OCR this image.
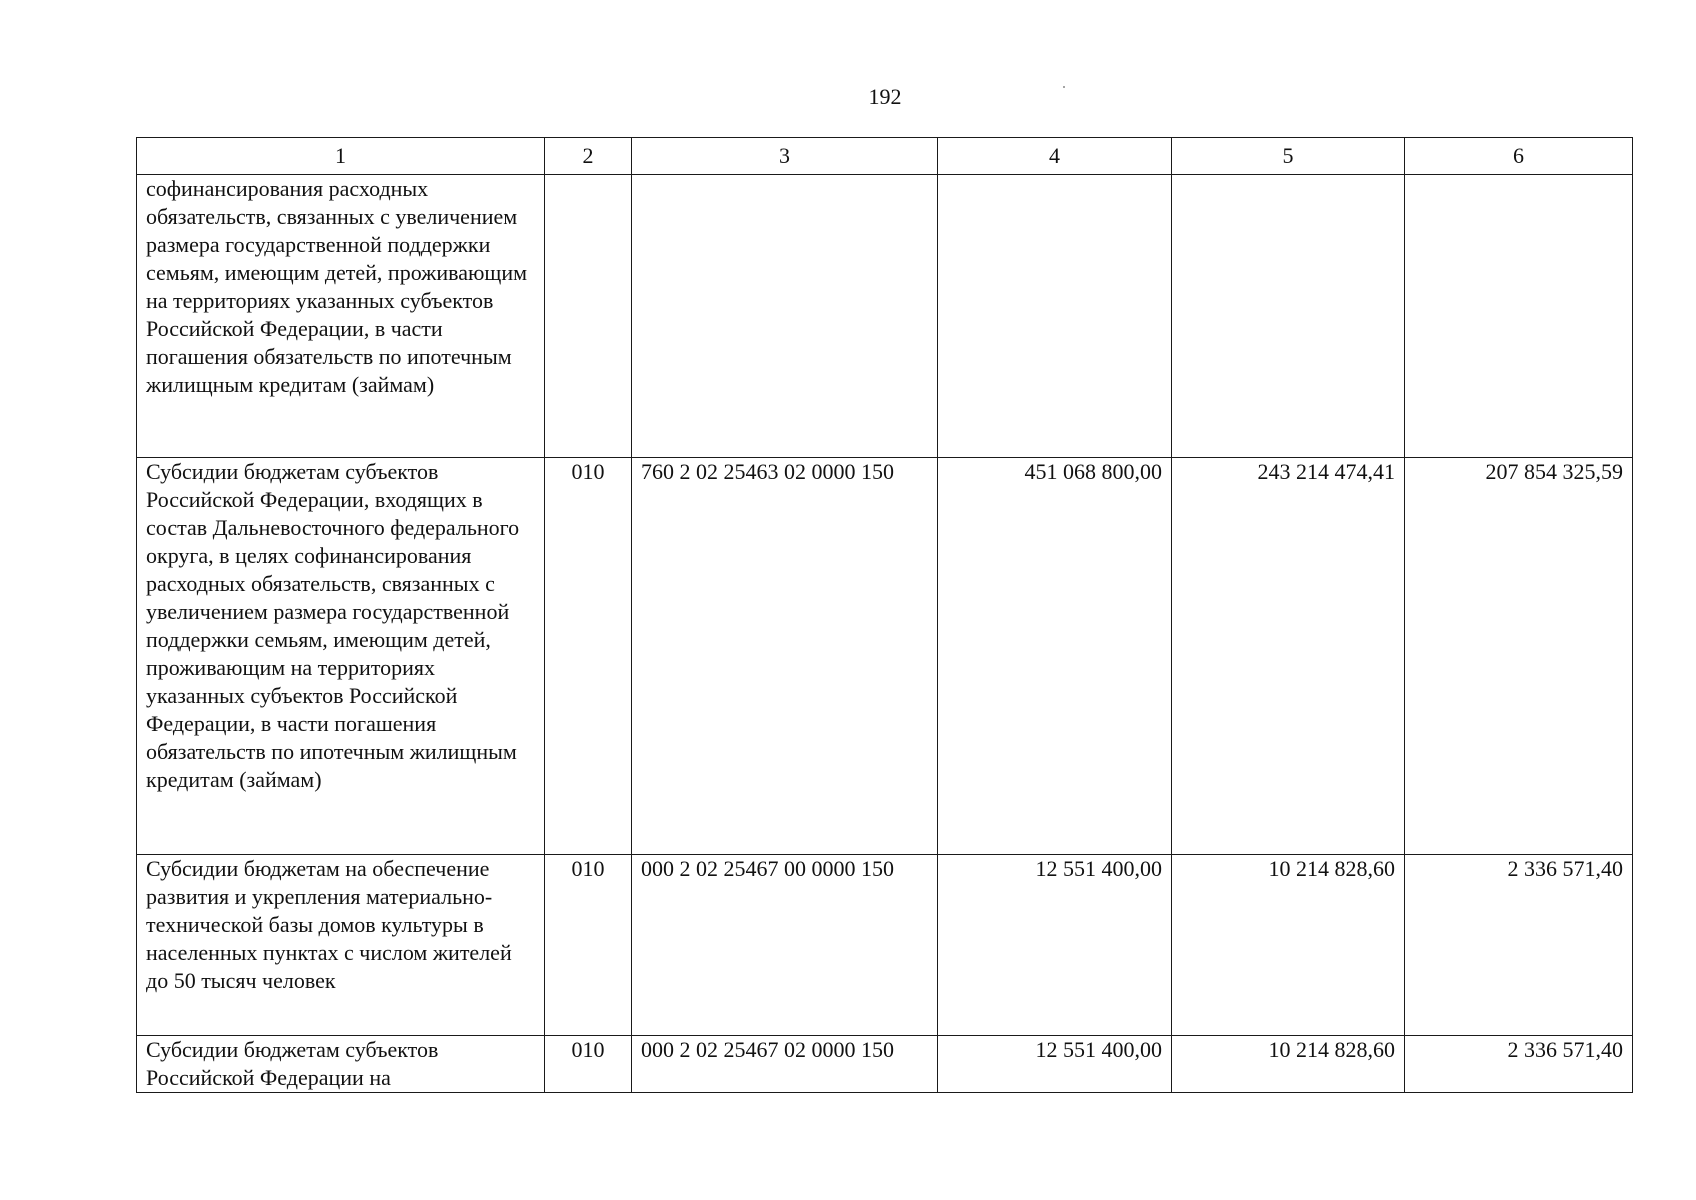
192
1	2	3	4	5	6
софинансирования расходных обязательств, связанных с увеличением размера государственной поддержки семьям, имеющим детей, проживающим на территориях указанных субъектов Российской Федерации, в части погашения обязательств по ипотечным жилищным кредитам (займам)					
Субсидии бюджетам субъектов Российской Федерации, входящих в состав Дальневосточного федерального округа, в целях софинансирования расходных обязательств, связанных с увеличением размера государственной поддержки семьям, имеющим детей, проживающим на территориях указанных субъектов Российской Федерации, в части погашения обязательств по ипотечным жилищным кредитам (займам)	010	760 2 02 25463 02 0000 150	451 068 800,00	243 214 474,41	207 854 325,59
Субсидии бюджетам на обеспечение развития и укрепления материально-технической базы домов культуры в населенных пунктах с числом жителей до 50 тысяч человек	010	000 2 02 25467 00 0000 150	12 551 400,00	10 214 828,60	2 336 571,40
Субсидии бюджетам субъектов Российской Федерации на	010	000 2 02 25467 02 0000 150	12 551 400,00	10 214 828,60	2 336 571,40
